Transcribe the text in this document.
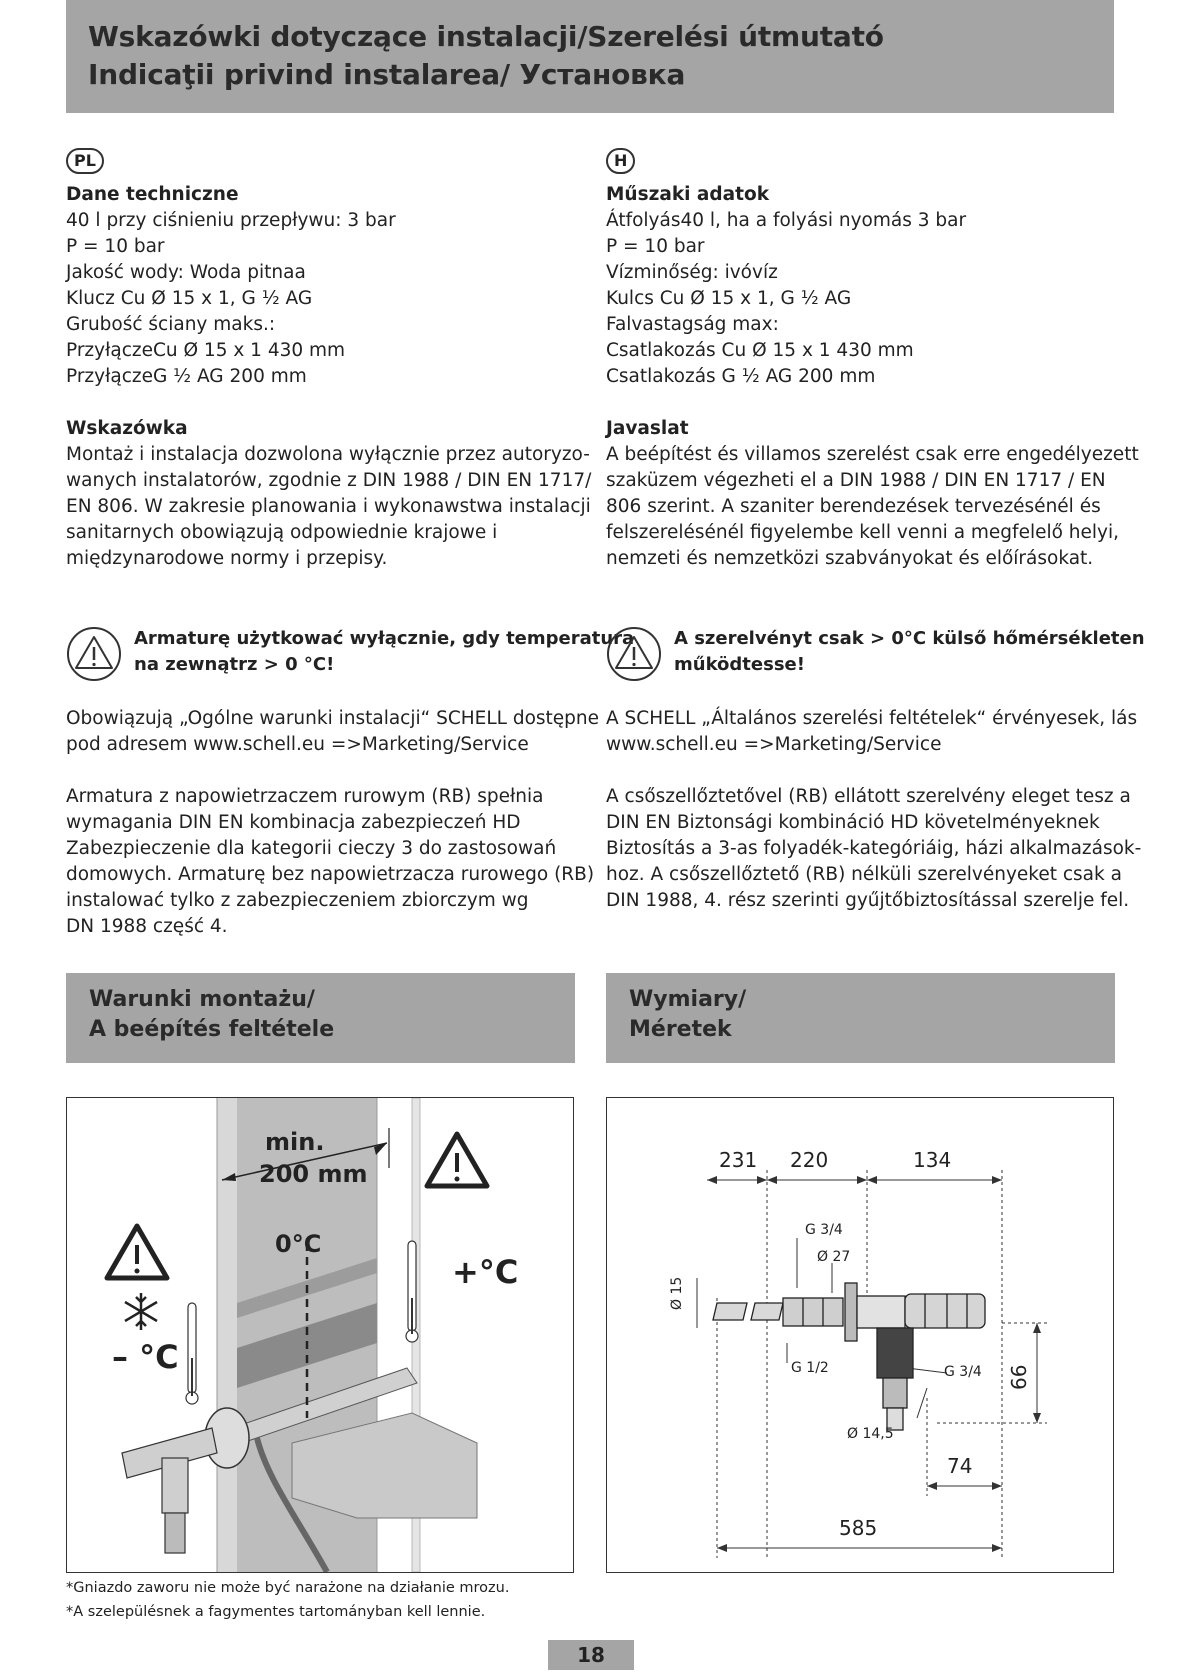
Wskazówki dotyczące instalacji/Szerelési útmutató
Indicaţii privind instalarea/ Установка
PL
Dane techniczne
40 l przy ciśnieniu przepływu: 3 bar
P = 10 bar
Jakość wody: Woda pitnaa
Klucz Cu Ø 15 x 1, G ½ AG
Grubość ściany maks.:
PrzyłączeCu Ø 15 x 1 430 mm
PrzyłączeG ½ AG 200 mm
Wskazówka
Montaż i instalacja dozwolona wyłącznie przez autoryzo-
wanych instalatorów, zgodnie z DIN 1988 / DIN EN 1717/
EN 806. W zakresie planowania i wykonawstwa instalacji
sanitarnych obowiązują odpowiednie krajowe i
międzynarodowe normy i przepisy.
H
Műszaki adatok
Átfolyás40 l, ha a folyási nyomás 3 bar
P = 10 bar
Vízminőség: ivóvíz
Kulcs Cu Ø 15 x 1, G ½ AG
Falvastagság max:
Csatlakozás Cu Ø 15 x 1 430 mm
Csatlakozás G ½ AG 200 mm
Javaslat
A beépítést és villamos szerelést csak erre engedélyezett
szaküzem végezheti el a DIN 1988 / DIN EN 1717 / EN
806 szerint. A szaniter berendezések tervezésénél és
felszerelésénél figyelembe kell venni a megfelelő helyi,
nemzeti és nemzetközi szabványokat és előírásokat.
Armaturę użytkować wyłącznie, gdy temperatura
na zewnątrz > 0 °C!
A szerelvényt csak > 0°C külső hőmérsékleten
működtesse!
Obowiązują „Ogólne warunki instalacji“ SCHELL dostępne
pod adresem www.schell.eu =>Marketing/Service
Armatura z napowietrzaczem rurowym (RB) spełnia
wymagania DIN EN kombinacja zabezpieczeń HD
Zabezpieczenie dla kategorii cieczy 3 do zastosowań
domowych. Armaturę bez napowietrzacza rurowego (RB)
instalować tylko z zabezpieczeniem zbiorczym wg
DN 1988 część 4.
A SCHELL „Általános szerelési feltételek“ érvényesek, lás
www.schell.eu =>Marketing/Service
A csőszellőztetővel (RB) ellátott szerelvény eleget tesz a
DIN EN Biztonsági kombináció HD követelményeknek
Biztosítás a 3-as folyadék-kategóriáig, házi alkalmazások-
hoz. A csőszellőztető (RB) nélküli szerelvényeket csak a
DIN 1988, 4. rész szerinti gyűjtőbiztosítással szerelje fel.
Warunki montażu/
A beépítés feltétele
Wymiary/
Méretek
min.
200 mm
0°C
+°C
– °C
231 220	134
G 3/4
Ø 27
Ø 15
G 1/2	G 3/4 66
Ø 14,5
74
585
*Gniazdo zaworu nie może być narażone na działanie mrozu.
*A szelepülésnek a fagymentes tartományban kell lennie.
18
